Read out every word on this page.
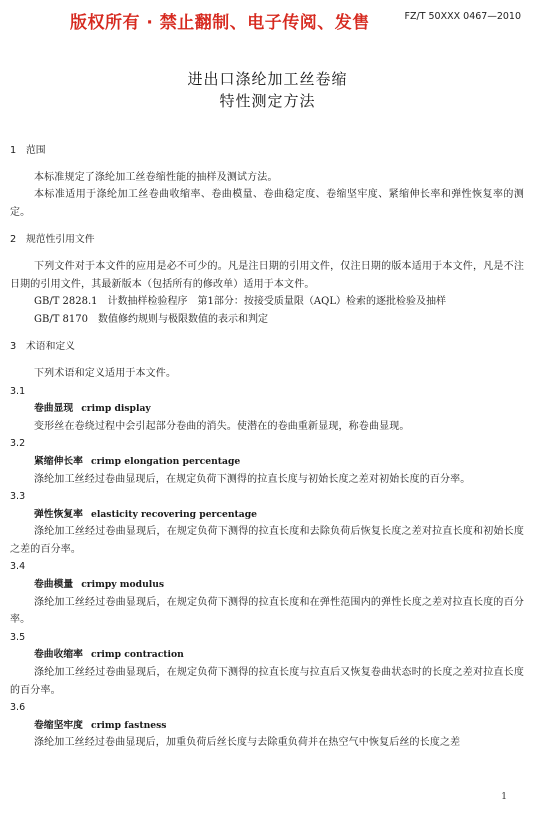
版权所有 · 禁止翻制、电子传阅、发售	FZ/T 50XXX 0467—2010
进出口涤纶加工丝卷缩
特性测定方法
1 范围
本标准规定了涤纶加工丝卷缩性能的抽样及测试方法。
本标准适用于涤纶加工丝卷曲收缩率、卷曲模量、卷曲稳定度、卷缩坚牢度、紧缩伸长率和弹性恢复率的测定。
2 规范性引用文件
下列文件对于本文件的应用是必不可少的。凡是注日期的引用文件，仅注日期的版本适用于本文件，凡是不注日期的引用文件，其最新版本（包括所有的修改单）适用于本文件。
GB/T 2828.1　计数抽样检验程序　第1部分：按接受质量限（AQL）检索的逐批检验及抽样
GB/T 8170　数值修约规则与极限数值的表示和判定
3 术语和定义
下列术语和定义适用于本文件。
3.1
卷曲显现 crimp display
变形丝在卷绕过程中会引起部分卷曲的消失。使潜在的卷曲重新显现，称卷曲显现。
3.2
紧缩伸长率 crimp elongation percentage
涤纶加工丝经过卷曲显现后，在规定负荷下测得的拉直长度与初始长度之差对初始长度的百分率。
3.3
弹性恢复率 elasticity recovering percentage
涤纶加工丝经过卷曲显现后，在规定负荷下测得的拉直长度和去除负荷后恢复长度之差对拉直长度和初始长度之差的百分率。
3.4
卷曲模量 crimpy modulus
涤纶加工丝经过卷曲显现后，在规定负荷下测得的拉直长度和在弹性范围内的弹性长度之差对拉直长度的百分率。
3.5
卷曲收缩率 crimp contraction
涤纶加工丝经过卷曲显现后，在规定负荷下测得的拉直长度与拉直后又恢复卷曲状态时的长度之差对拉直长度的百分率。
3.6
卷缩坚牢度 crimp fastness
涤纶加工丝经过卷曲显现后，加重负荷后丝长度与去除重负荷并在热空气中恢复后丝的长度之差
1
